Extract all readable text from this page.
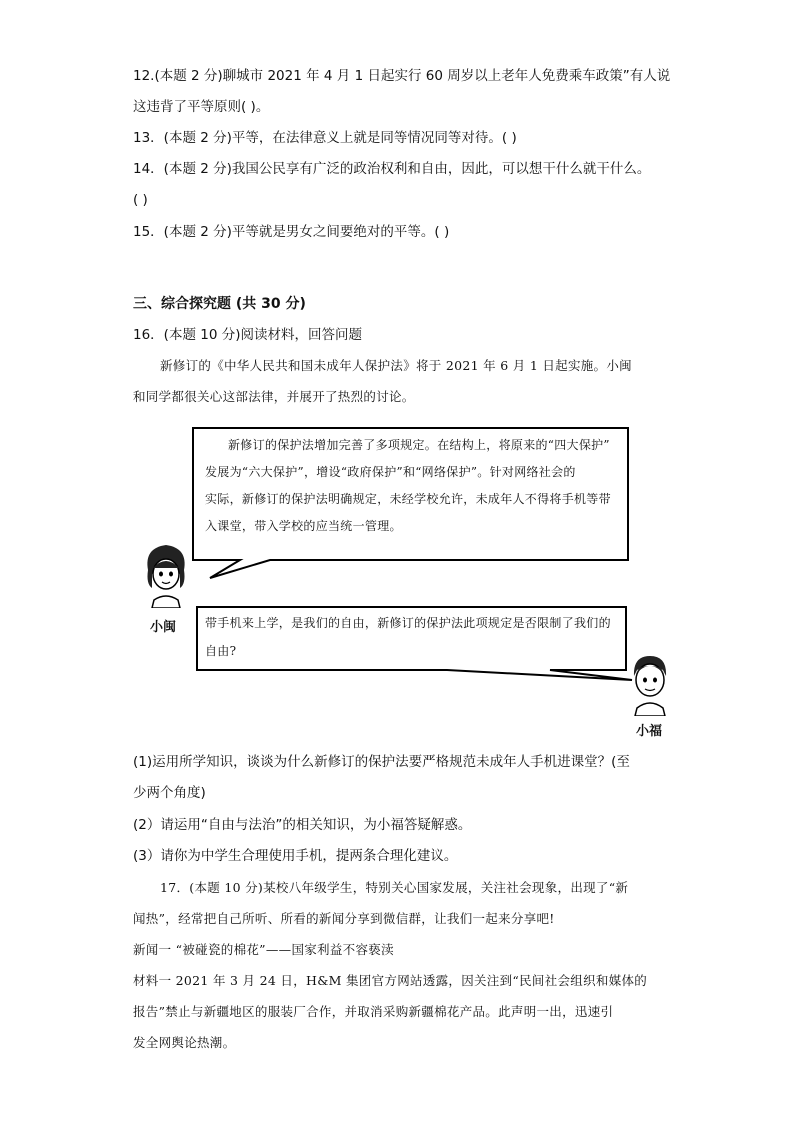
12.(本题 2 分)聊城市 2021 年 4 月 1 日起实行 60 周岁以上老年人免费乘车政策”有人说
这违背了平等原则( )。
13．(本题 2 分)平等，在法律意义上就是同等情况同等对待。( )
14．(本题 2 分)我国公民享有广泛的政治权利和自由，因此，可以想干什么就干什么。
( )
15．(本题 2 分)平等就是男女之间要绝对的平等。( )
三、综合探究题 (共 30 分)
16．(本题 10 分)阅读材料，回答问题
新修订的《中华人民共和国未成年人保护法》将于 2021 年 6 月 1 日起实施。小闽
和同学都很关心这部法律，并展开了热烈的讨论。
新修订的保护法增加完善了多项规定。在结构上，将原来的“四大保护”
发展为“六大保护”，增设“政府保护”和“网络保护”。针对网络社会的
实际，新修订的保护法明确规定，未经学校允许，未成年人不得将手机等带
入课堂，带入学校的应当统一管理。
带手机来上学，是我们的自由，新修订的保护法此项规定是否限制了我们的
自由?
小闽
小福
(1)运用所学知识，谈谈为什么新修订的保护法要严格规范未成年人手机进课堂？(至
少两个角度)
(2）请运用“自由与法治”的相关知识，为小福答疑解惑。
(3）请你为中学生合理使用手机，提两条合理化建议。
17．(本题 10 分)某校八年级学生，特别关心国家发展，关注社会现象，出现了“新
闻热”，经常把自己所听、所看的新闻分享到微信群，让我们一起来分享吧!
新闻一 “被碰瓷的棉花”——国家利益不容亵渎
材料一 2021 年 3 月 24 日，H&M 集团官方网站透露，因关注到“民间社会组织和媒体的
报告”禁止与新疆地区的服装厂合作，并取消采购新疆棉花产品。此声明一出，迅速引
发全网舆论热潮。
